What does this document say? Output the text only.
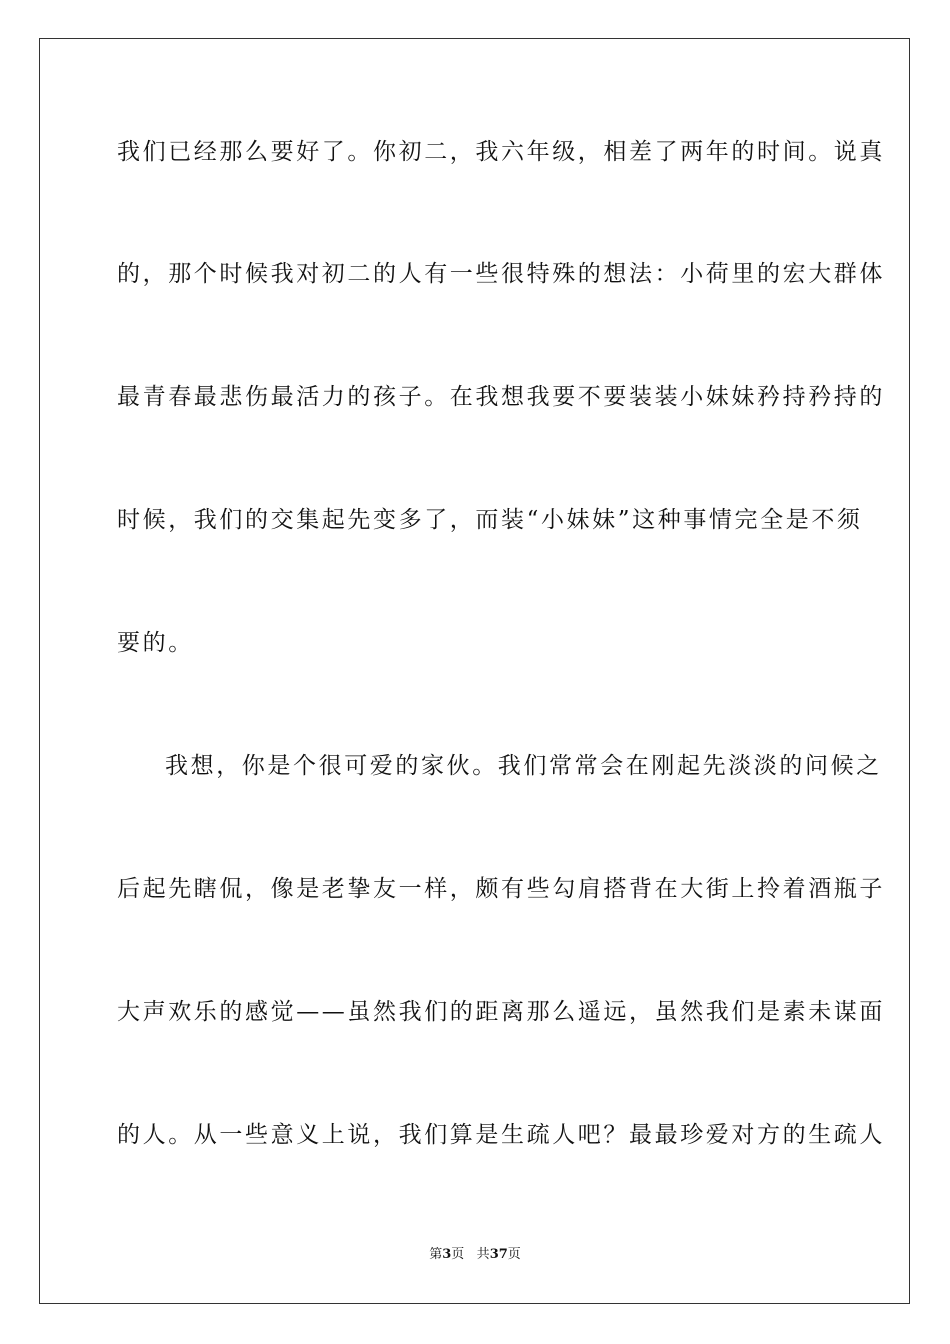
我们已经那么要好了。你初二，我六年级，相差了两年的时间。说真
的，那个时候我对初二的人有一些很特殊的想法：小荷里的宏大群体
最青春最悲伤最活力的孩子。在我想我要不要装装小妹妹矜持矜持的
时候，我们的交集起先变多了，而装“小妹妹”这种事情完全是不须
要的。
我想，你是个很可爱的家伙。我们常常会在刚起先淡淡的问候之
后起先瞎侃，像是老挚友一样，颇有些勾肩搭背在大街上拎着酒瓶子
大声欢乐的感觉——虽然我们的距离那么遥远，虽然我们是素未谋面
的人。从一些意义上说，我们算是生疏人吧？最最珍爱对方的生疏人
第3页 共37页
